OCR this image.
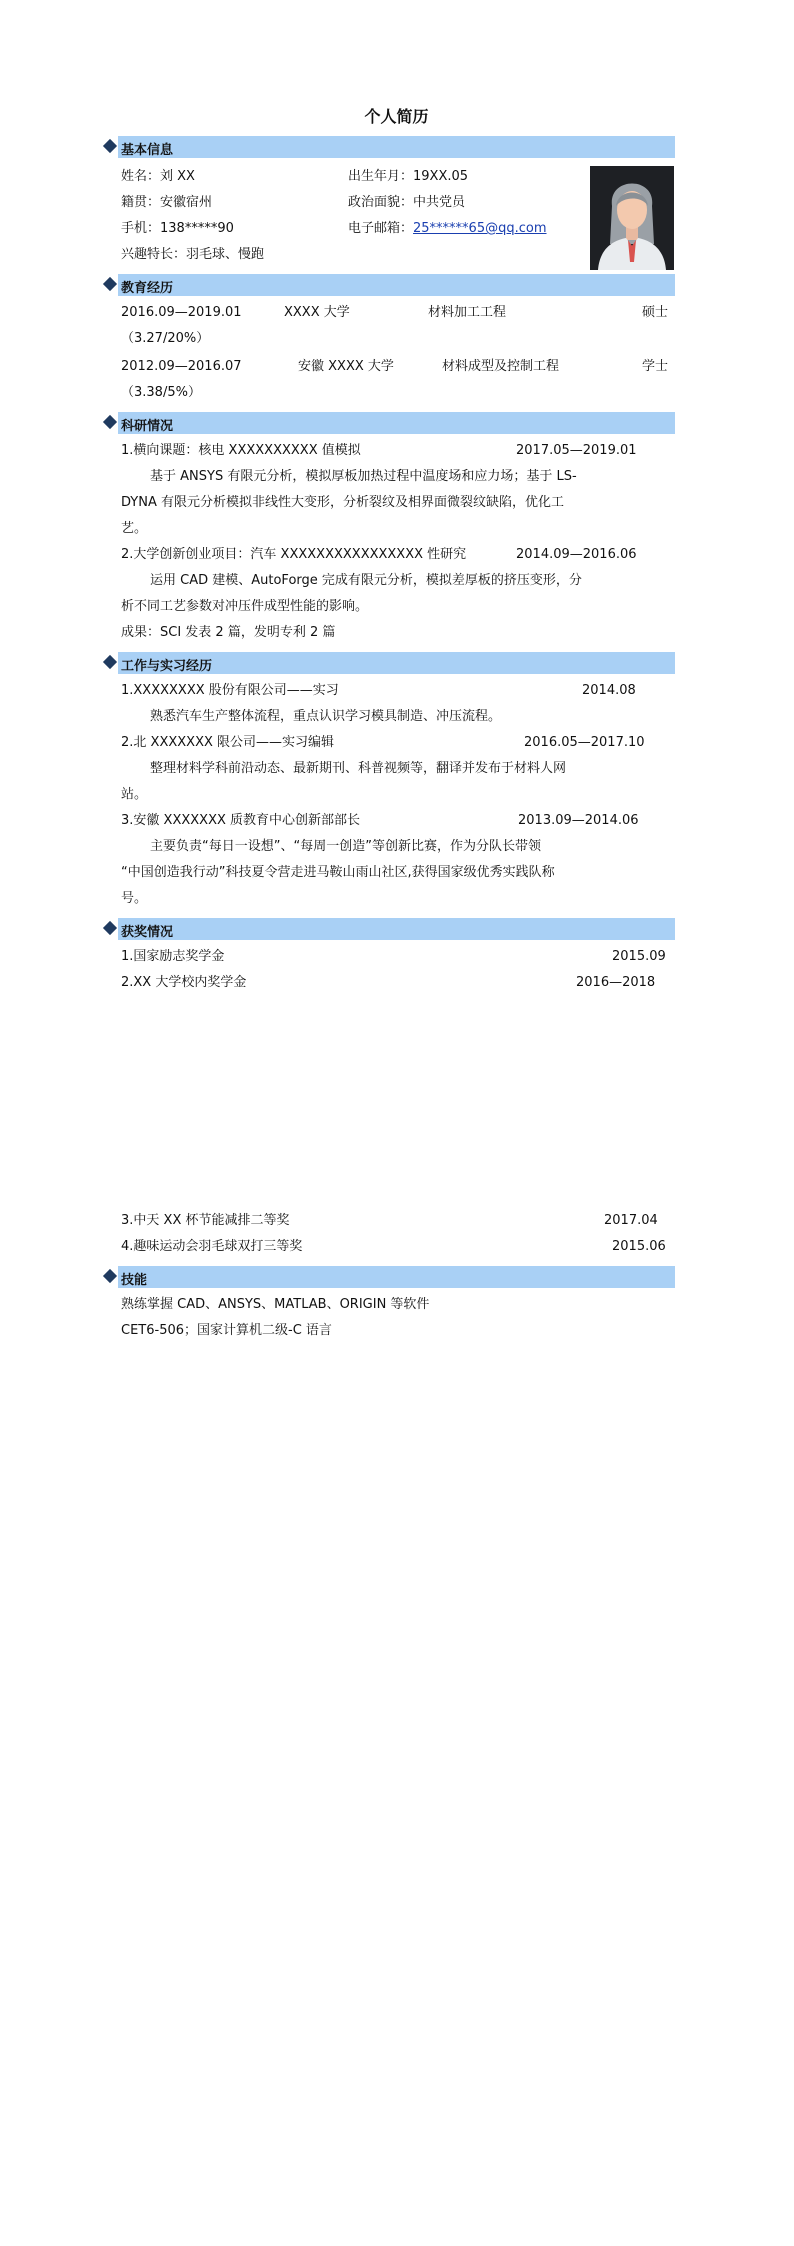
个人简历
基本信息
姓名：刘 XX	出生年月：19XX.05
籍贯：安徽宿州	政治面貌：中共党员
手机：138*****90	电子邮箱：25******65@qq.com
兴趣特长：羽毛球、慢跑
教育经历
2016.09—2019.01	XXXX 大学	材料加工工程	硕士
（3.27/20%）
2012.09—2016.07	安徽 XXXX 大学	材料成型及控制工程	学士
（3.38/5%）
科研情况
1.横向课题：核电 XXXXXXXXXX 值模拟	2017.05—2019.01
基于 ANSYS 有限元分析，模拟厚板加热过程中温度场和应力场；基于 LS-
DYNA 有限元分析模拟非线性大变形，分析裂纹及相界面微裂纹缺陷，优化工
艺。
2.大学创新创业项目：汽车 XXXXXXXXXXXXXXXX 性研究	2014.09—2016.06
运用 CAD 建模、AutoForge 完成有限元分析，模拟差厚板的挤压变形，分
析不同工艺参数对冲压件成型性能的影响。
成果：SCI 发表 2 篇，发明专利 2 篇
工作与实习经历
1.XXXXXXXX 股份有限公司——实习	2014.08
熟悉汽车生产整体流程，重点认识学习模具制造、冲压流程。
2.北 XXXXXXX 限公司——实习编辑	2016.05—2017.10
整理材料学科前沿动态、最新期刊、科普视频等，翻译并发布于材料人网
站。
3.安徽 XXXXXXX 质教育中心创新部部长	2013.09—2014.06
主要负责“每日一设想”、“每周一创造”等创新比赛，作为分队长带领
“中国创造我行动”科技夏令营走进马鞍山雨山社区,获得国家级优秀实践队称
号。
获奖情况
1.国家励志奖学金	2015.09
2.XX 大学校内奖学金	2016—2018
3.中天 XX 杯节能减排二等奖	2017.04
4.趣味运动会羽毛球双打三等奖	2015.06
技能
熟练掌握 CAD、ANSYS、MATLAB、ORIGIN 等软件
CET6-506；国家计算机二级-C 语言
